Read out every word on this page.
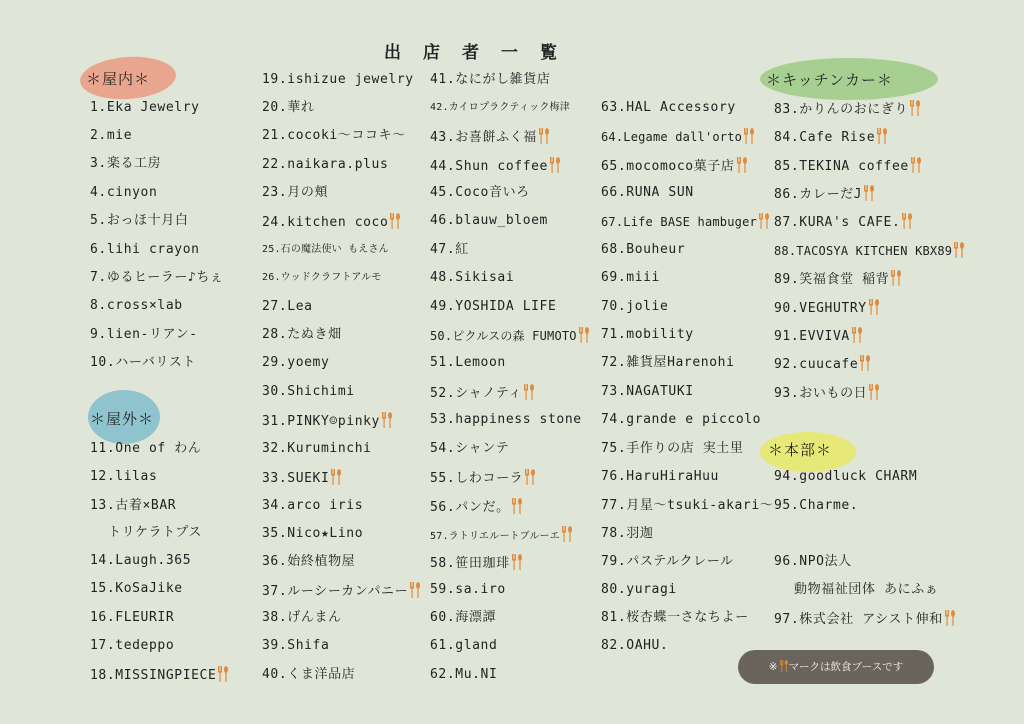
出店者一覧
＊屋内＊
＊屋外＊
＊キッチンカー＊
＊本部＊
1.Eka Jewelry
2.mie
3.楽る工房
4.cinyon
5.おっほ十月白
6.lihi crayon
7.ゆるヒーラー♪ちぇ
8.cross×lab
9.lien-リアン-
10.ハーバリスト
11.One of わん
12.lilas
13.古着×BAR
トリケラトプス
14.Laugh.365
15.KoSaJike
16.FLEURIR
17.tedeppo
18.MISSINGPIECE
19.ishizue jewelry
20.華れ
21.cocoki～ココキ～
22.naikara.plus
23.月の頬
24.kitchen coco
25.石の魔法使い もえさん
26.ウッドクラフトアルモ
27.Lea
28.たぬき畑
29.yoemy
30.Shichimi
31.PINKY☺pinky
32.Kuruminchi
33.SUEKI
34.arco iris
35.Nico★Lino
36.始終植物屋
37.ルーシーカンパニー
38.げんまん
39.Shifa
40.くま洋品店
41.なにがし雑貨店
42.カイロプラクティック梅津
43.お喜餅ふく福
44.Shun coffee
45.Coco音いろ
46.blauw_bloem
47.紅
48.Sikisai
49.YOSHIDA LIFE
50.ピクルスの森 FUMOTO
51.Lemoon
52.シャノティ
53.happiness stone
54.シャンテ
55.しわコーラ
56.パンだ。
57.ラトリエルートブルーエ
58.笹田珈琲
59.sa.iro
60.海漂譚
61.gland
62.Mu.NI
63.HAL Accessory
64.Legame dall'orto
65.mocomoco菓子店
66.RUNA SUN
67.Life BASE hambuger
68.Bouheur
69.miii
70.jolie
71.mobility
72.雑貨屋Harenohi
73.NAGATUKI
74.grande e piccolo
75.手作りの店 実土里
76.HaruHiraHuu
77.月星～tsuki-akari～
78.羽迦
79.パステルクレール
80.yuragi
81.桜杏蝶一さなちよー
82.OAHU.
83.かりんのおにぎり
84.Cafe Rise
85.TEKINA coffee
86.カレーだJ
87.KURA's CAFE.
88.TACOSYA KITCHEN KBX89
89.笑福食堂 稲背
90.VEGHUTRY
91.EVVIVA
92.cuucafe
93.おいもの日
94.goodluck CHARM
95.Charme.
96.NPO法人
動物福祉団体 あにふぁ
97.株式会社 アシスト伸和
※ マークは飲食ブースです
